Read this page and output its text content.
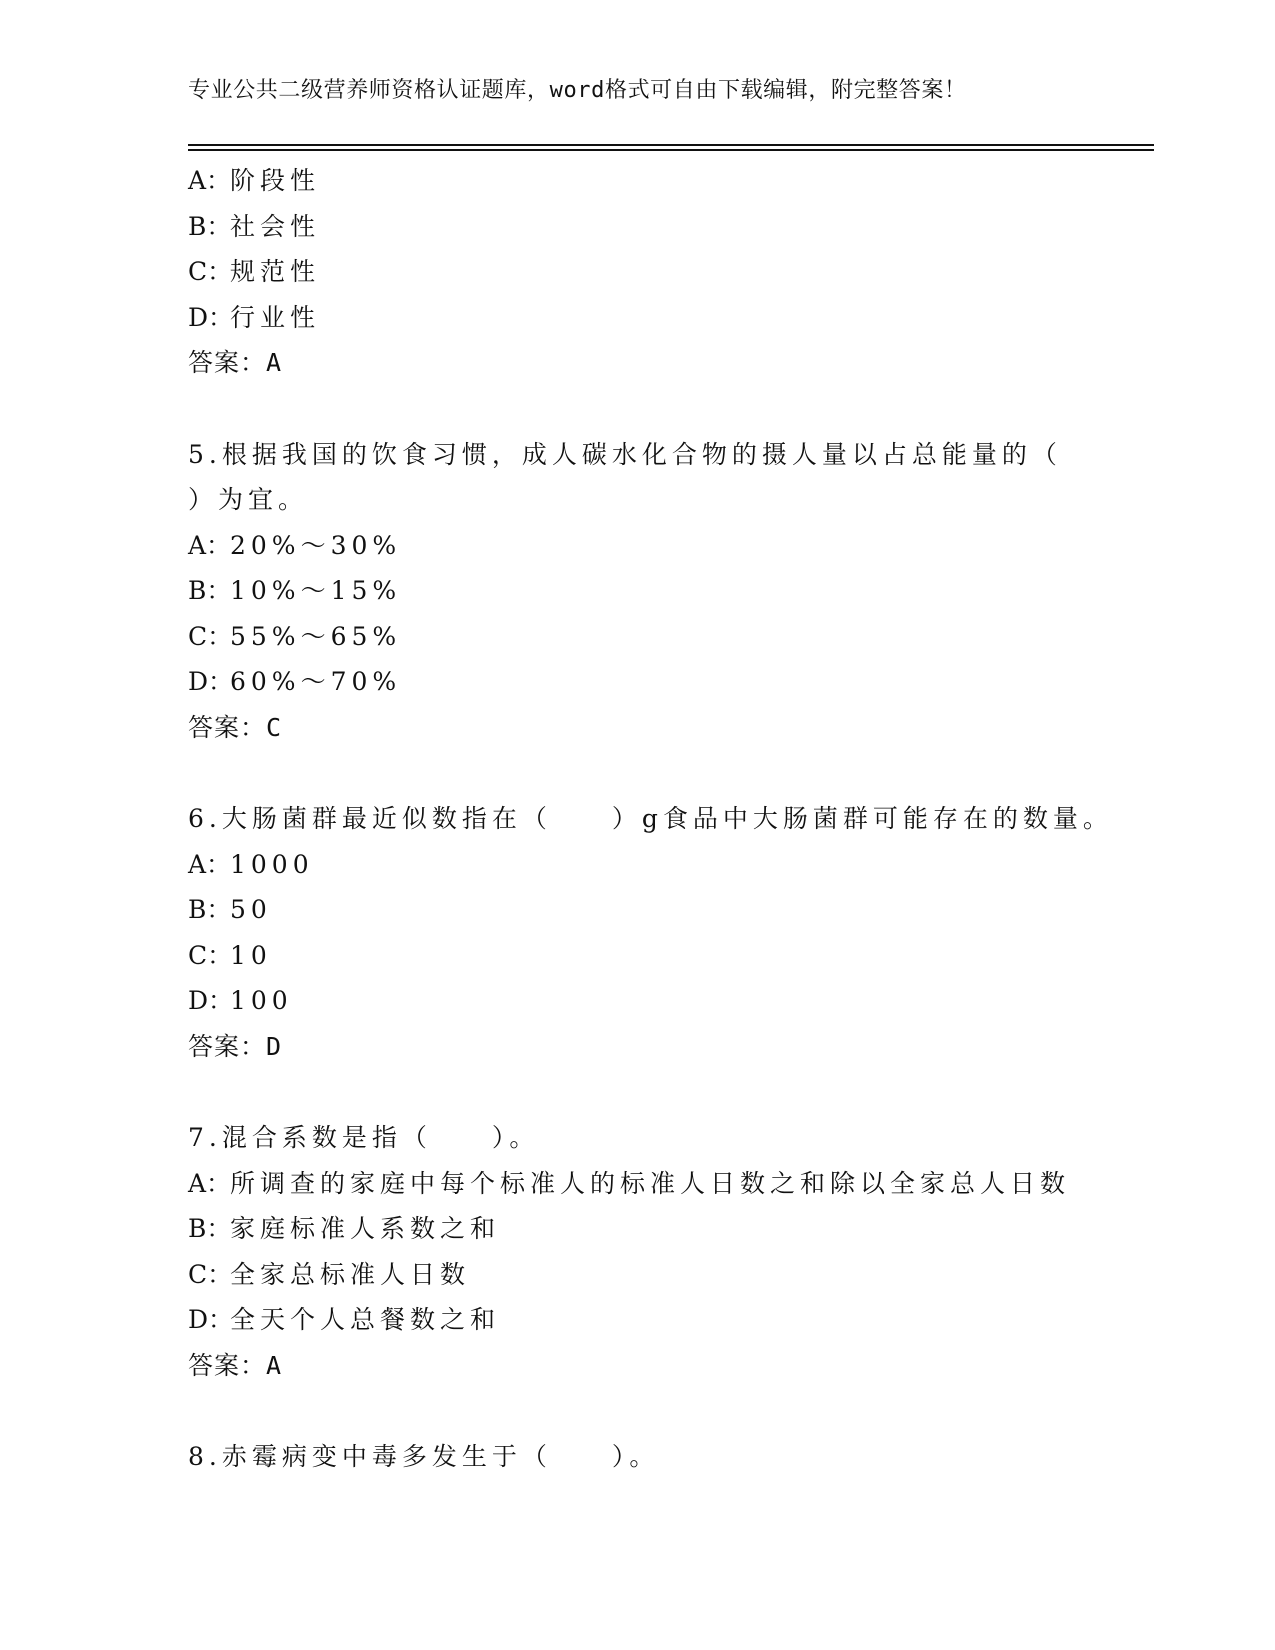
专业公共二级营养师资格认证题库，word格式可自由下载编辑，附完整答案！
A：阶段性
B：社会性
C：规范性
D：行业性
答案：A
5.根据我国的饮食习惯，成人碳水化合物的摄人量以占总能量的（
）为宜。
A：20%～30%
B：10%～15%
C：55%～65%
D：60%～70%
答案：C
6.大肠菌群最近似数指在（　　）g食品中大肠菌群可能存在的数量。
A：1000
B：50
C：10
D：100
答案：D
7.混合系数是指（　　）。
A：所调查的家庭中每个标准人的标准人日数之和除以全家总人日数
B：家庭标准人系数之和
C：全家总标准人日数
D：全天个人总餐数之和
答案：A
8.赤霉病变中毒多发生于（　　）。
